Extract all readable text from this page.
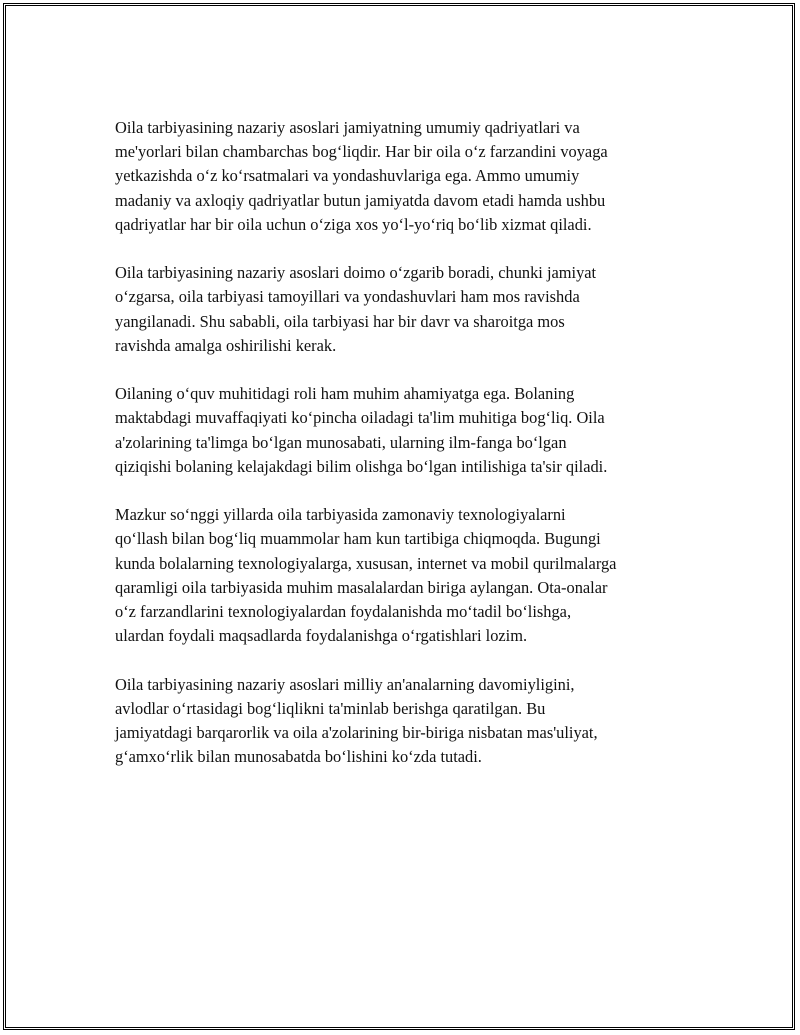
Oila tarbiyasining nazariy asoslari jamiyatning umumiy qadriyatlari va
me'yorlari bilan chambarchas bog‘liqdir. Har bir oila o‘z farzandini voyaga
yetkazishda o‘z ko‘rsatmalari va yondashuvlariga ega. Ammo umumiy
madaniy va axloqiy qadriyatlar butun jamiyatda davom etadi hamda ushbu
qadriyatlar har bir oila uchun o‘ziga xos yo‘l-yo‘riq bo‘lib xizmat qiladi.

Oila tarbiyasining nazariy asoslari doimo o‘zgarib boradi, chunki jamiyat
o‘zgarsa, oila tarbiyasi tamoyillari va yondashuvlari ham mos ravishda
yangilanadi. Shu sababli, oila tarbiyasi har bir davr va sharoitga mos
ravishda amalga oshirilishi kerak.

Oilaning o‘quv muhitidagi roli ham muhim ahamiyatga ega. Bolaning
maktabdagi muvaffaqiyati ko‘pincha oiladagi ta'lim muhitiga bog‘liq. Oila
a'zolarining ta'limga bo‘lgan munosabati, ularning ilm-fanga bo‘lgan
qiziqishi bolaning kelajakdagi bilim olishga bo‘lgan intilishiga ta'sir qiladi.

Mazkur so‘nggi yillarda oila tarbiyasida zamonaviy texnologiyalarni
qo‘llash bilan bog‘liq muammolar ham kun tartibiga chiqmoqda. Bugungi
kunda bolalarning texnologiyalarga, xususan, internet va mobil qurilmalarga
qaramligi oila tarbiyasida muhim masalalardan biriga aylangan. Ota-onalar
o‘z farzandlarini texnologiyalardan foydalanishda mo‘tadil bo‘lishga,
ulardan foydali maqsadlarda foydalanishga o‘rgatishlari lozim.

Oila tarbiyasining nazariy asoslari milliy an'analarning davomiyligini,
avlodlar o‘rtasidagi bog‘liqlikni ta'minlab berishga qaratilgan. Bu
jamiyatdagi barqarorlik va oila a'zolarining bir-biriga nisbatan mas'uliyat,
g‘amxo‘rlik bilan munosabatda bo‘lishini ko‘zda tutadi.
